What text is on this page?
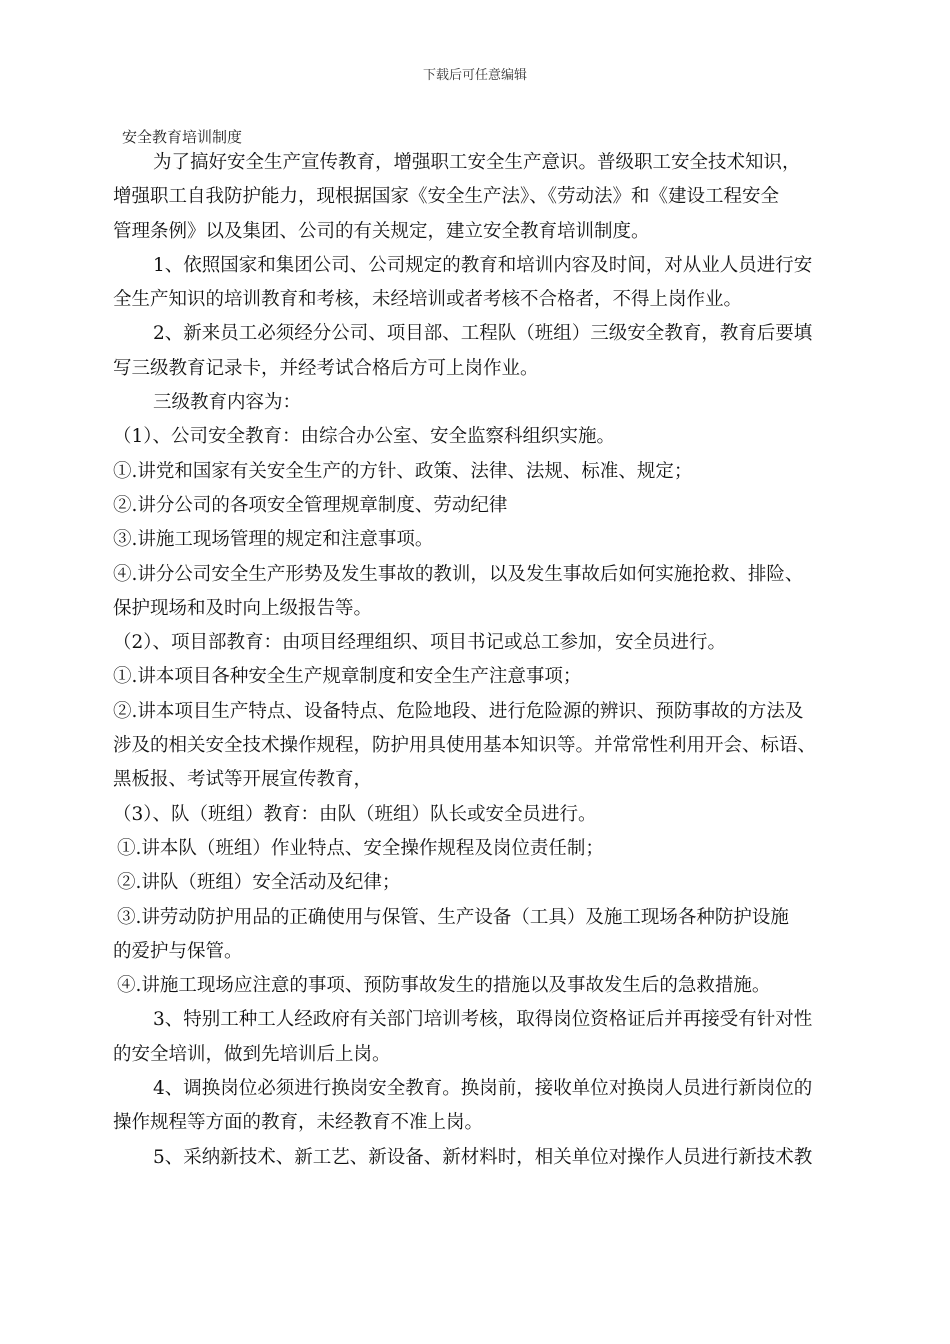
下载后可任意编辑
安全教育培训制度
为了搞好安全生产宣传教育，增强职工安全生产意识。普级职工安全技术知识，
增强职工自我防护能力，现根据国家《安全生产法》、《劳动法》和《建设工程安全
管理条例》以及集团、公司的有关规定，建立安全教育培训制度。
1、依照国家和集团公司、公司规定的教育和培训内容及时间，对从业人员进行安
全生产知识的培训教育和考核，未经培训或者考核不合格者，不得上岗作业。
2、新来员工必须经分公司、项目部、工程队（班组）三级安全教育，教育后要填
写三级教育记录卡，并经考试合格后方可上岗作业。
三级教育内容为：
（1）、公司安全教育：由综合办公室、安全监察科组织实施。
①.讲党和国家有关安全生产的方针、政策、法律、法规、标准、规定；
②.讲分公司的各项安全管理规章制度、劳动纪律
③.讲施工现场管理的规定和注意事项。
④.讲分公司安全生产形势及发生事故的教训，以及发生事故后如何实施抢救、排险、
保护现场和及时向上级报告等。
（2）、项目部教育：由项目经理组织、项目书记或总工参加，安全员进行。
①.讲本项目各种安全生产规章制度和安全生产注意事项；
②.讲本项目生产特点、设备特点、危险地段、进行危险源的辨识、预防事故的方法及
涉及的相关安全技术操作规程，防护用具使用基本知识等。并常常性利用开会、标语、
黑板报、考试等开展宣传教育，
（3）、队（班组）教育：由队（班组）队长或安全员进行。
①.讲本队（班组）作业特点、安全操作规程及岗位责任制；
②.讲队（班组）安全活动及纪律；
③.讲劳动防护用品的正确使用与保管、生产设备（工具）及施工现场各种防护设施
的爱护与保管。
④.讲施工现场应注意的事项、预防事故发生的措施以及事故发生后的急救措施。
3、特别工种工人经政府有关部门培训考核，取得岗位资格证后并再接受有针对性
的安全培训，做到先培训后上岗。
4、调换岗位必须进行换岗安全教育。换岗前，接收单位对换岗人员进行新岗位的
操作规程等方面的教育，未经教育不准上岗。
5、采纳新技术、新工艺、新设备、新材料时，相关单位对操作人员进行新技术教
